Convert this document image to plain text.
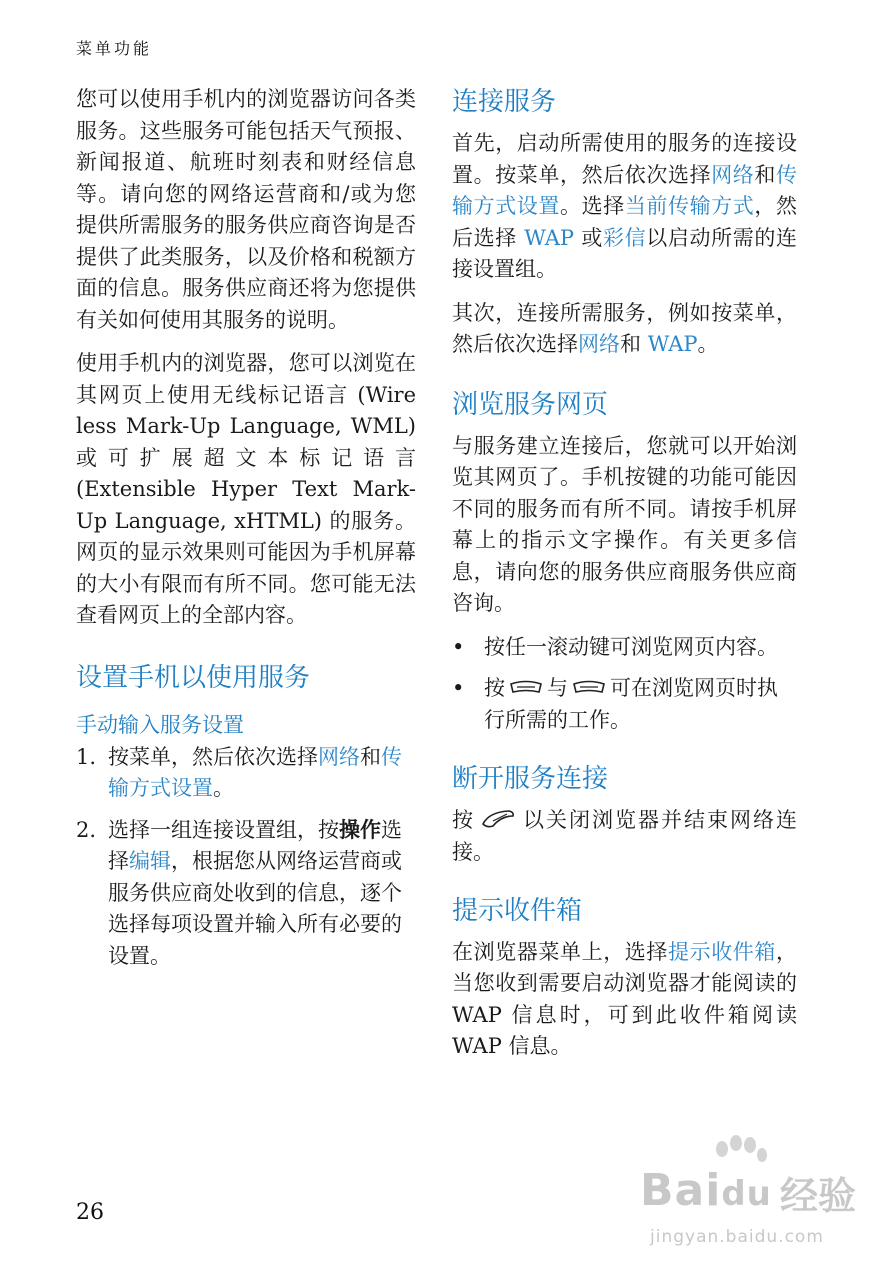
菜单功能

您可以使用手机内的浏览器访问各类服务。这些服务可能包括天气预报、新闻报道、航班时刻表和财经信息等。请向您的网络运营商和/或为您提供所需服务的服务供应商咨询是否提供了此类服务，以及价格和税额方面的信息。服务供应商还将为您提供有关如何使用其服务的说明。

使用手机内的浏览器，您可以浏览在其网页上使用无线标记语言 (Wire less Mark-Up Language, WML) 或可扩展超文本标记语言 (Extensible Hyper Text Mark-Up Language, xHTML) 的服务。网页的显示效果则可能因为手机屏幕的大小有限而有所不同。您可能无法查看网页上的全部内容。

设置手机以使用服务
手动输入服务设置
1. 按菜单，然后依次选择网络和传输方式设置。
2. 选择一组连接设置组，按操作选择编辑，根据您从网络运营商或服务供应商处收到的信息，逐个选择每项设置并输入所有必要的设置。
连接服务

首先，启动所需使用的服务的连接设置。按菜单，然后依次选择网络和传输方式设置。选择当前传输方式，然后选择 WAP 或彩信以启动所需的连接设置组。

其次，连接所需服务，例如按菜单，然后依次选择网络和 WAP。

浏览服务网页

与服务建立连接后，您就可以开始浏览其网页了。手机按键的功能可能因不同的服务而有所不同。请按手机屏幕上的指示文字操作。有关更多信息，请向您的服务供应商服务供应商咨询。

• 按任一滚动键可浏览网页内容。
• 按 与 可在浏览网页时执行所需的工作。
断开服务连接

按 以关闭浏览器并结束网络连接。

提示收件箱

在浏览器菜单上，选择提示收件箱，当您收到需要启动浏览器才能阅读的 WAP 信息时，可到此收件箱阅读 WAP 信息。

26	Baidu 经验
jingyan.baidu.com
